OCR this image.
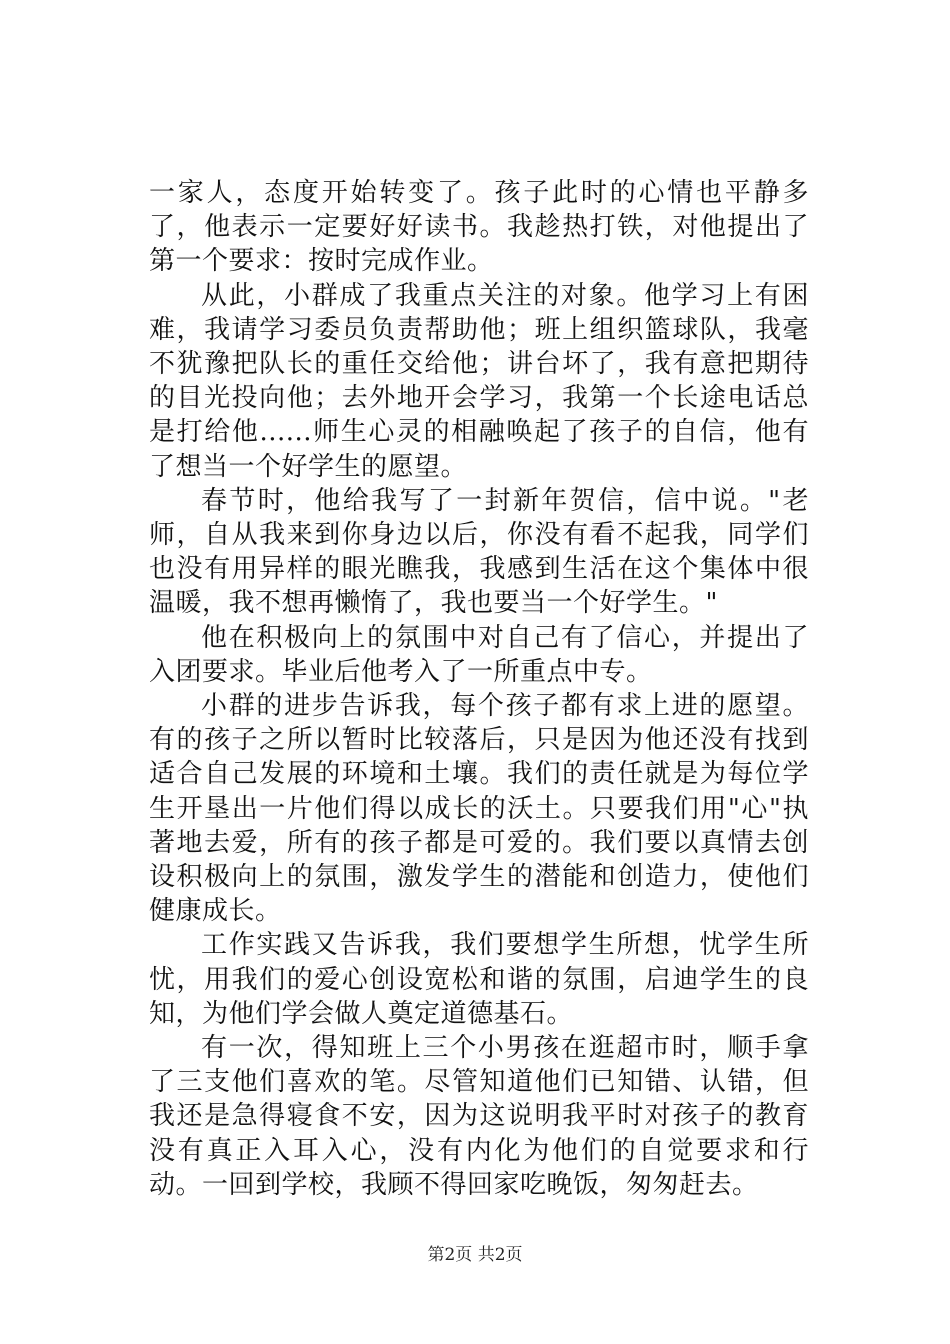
一家人，态度开始转变了。孩子此时的心情也平静多了，他表示一定要好好读书。我趁热打铁，对他提出了第一个要求：按时完成作业。

从此，小群成了我重点关注的对象。他学习上有困难，我请学习委员负责帮助他；班上组织篮球队，我毫不犹豫把队长的重任交给他；讲台坏了，我有意把期待的目光投向他；去外地开会学习，我第一个长途电话总是打给他......师生心灵的相融唤起了孩子的自信，他有了想当一个好学生的愿望。

春节时，他给我写了一封新年贺信，信中说。"老师，自从我来到你身边以后，你没有看不起我，同学们也没有用异样的眼光瞧我，我感到生活在这个集体中很温暖，我不想再懒惰了，我也要当一个好学生。"

他在积极向上的氛围中对自己有了信心，并提出了入团要求。毕业后他考入了一所重点中专。

小群的进步告诉我，每个孩子都有求上进的愿望。有的孩子之所以暂时比较落后，只是因为他还没有找到适合自己发展的环境和土壤。我们的责任就是为每位学生开垦出一片他们得以成长的沃土。只要我们用"心"执著地去爱，所有的孩子都是可爱的。我们要以真情去创设积极向上的氛围，激发学生的潜能和创造力，使他们健康成长。

工作实践又告诉我，我们要想学生所想，忧学生所忧，用我们的爱心创设宽松和谐的氛围，启迪学生的良知，为他们学会做人奠定道德基石。

有一次，得知班上三个小男孩在逛超市时，顺手拿了三支他们喜欢的笔。尽管知道他们已知错、认错，但我还是急得寝食不安，因为这说明我平时对孩子的教育没有真正入耳入心，没有内化为他们的自觉要求和行动。一回到学校，我顾不得回家吃晚饭，匆匆赶去。

第2页 共2页
